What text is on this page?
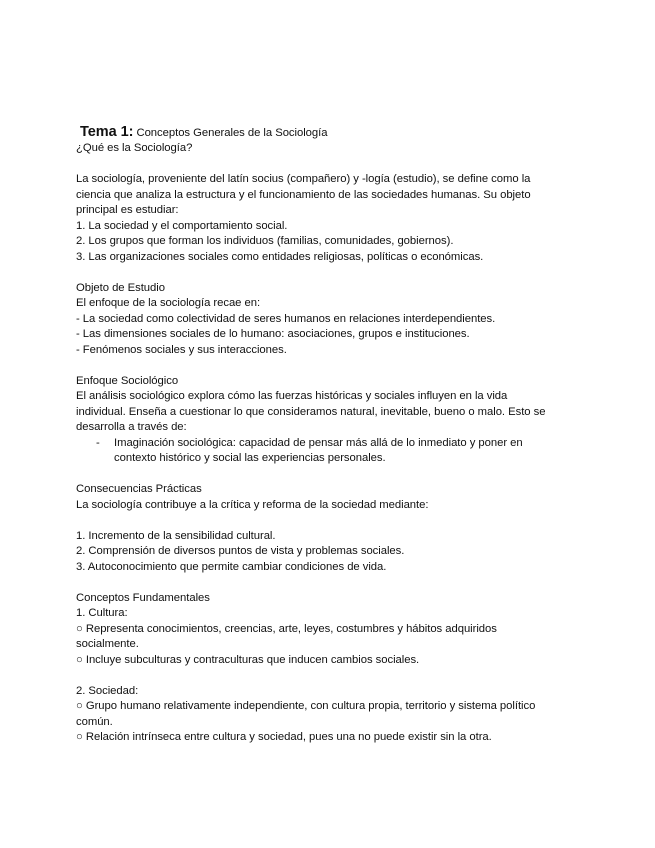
Tema 1: Conceptos Generales de la Sociología
¿Qué es la Sociología?
La sociología, proveniente del latín socius (compañero) y -logía (estudio), se define como la
ciencia que analiza la estructura y el funcionamiento de las sociedades humanas. Su objeto
principal es estudiar:
1. La sociedad y el comportamiento social.
2. Los grupos que forman los individuos (familias, comunidades, gobiernos).
3. Las organizaciones sociales como entidades religiosas, políticas o económicas.
Objeto de Estudio
El enfoque de la sociología recae en:
- La sociedad como colectividad de seres humanos en relaciones interdependientes.
- Las dimensiones sociales de lo humano: asociaciones, grupos e instituciones.
- Fenómenos sociales y sus interacciones.
Enfoque Sociológico
El análisis sociológico explora cómo las fuerzas históricas y sociales influyen en la vida
individual. Enseña a cuestionar lo que consideramos natural, inevitable, bueno o malo. Esto se
desarrolla a través de:
- Imaginación sociológica: capacidad de pensar más allá de lo inmediato y poner en
contexto histórico y social las experiencias personales.
Consecuencias Prácticas
La sociología contribuye a la crítica y reforma de la sociedad mediante:
1. Incremento de la sensibilidad cultural.
2. Comprensión de diversos puntos de vista y problemas sociales.
3. Autoconocimiento que permite cambiar condiciones de vida.
Conceptos Fundamentales
1. Cultura:
○ Representa conocimientos, creencias, arte, leyes, costumbres y hábitos adquiridos
socialmente.
○ Incluye subculturas y contraculturas que inducen cambios sociales.
2. Sociedad:
○ Grupo humano relativamente independiente, con cultura propia, territorio y sistema político
común.
○ Relación intrínseca entre cultura y sociedad, pues una no puede existir sin la otra.
